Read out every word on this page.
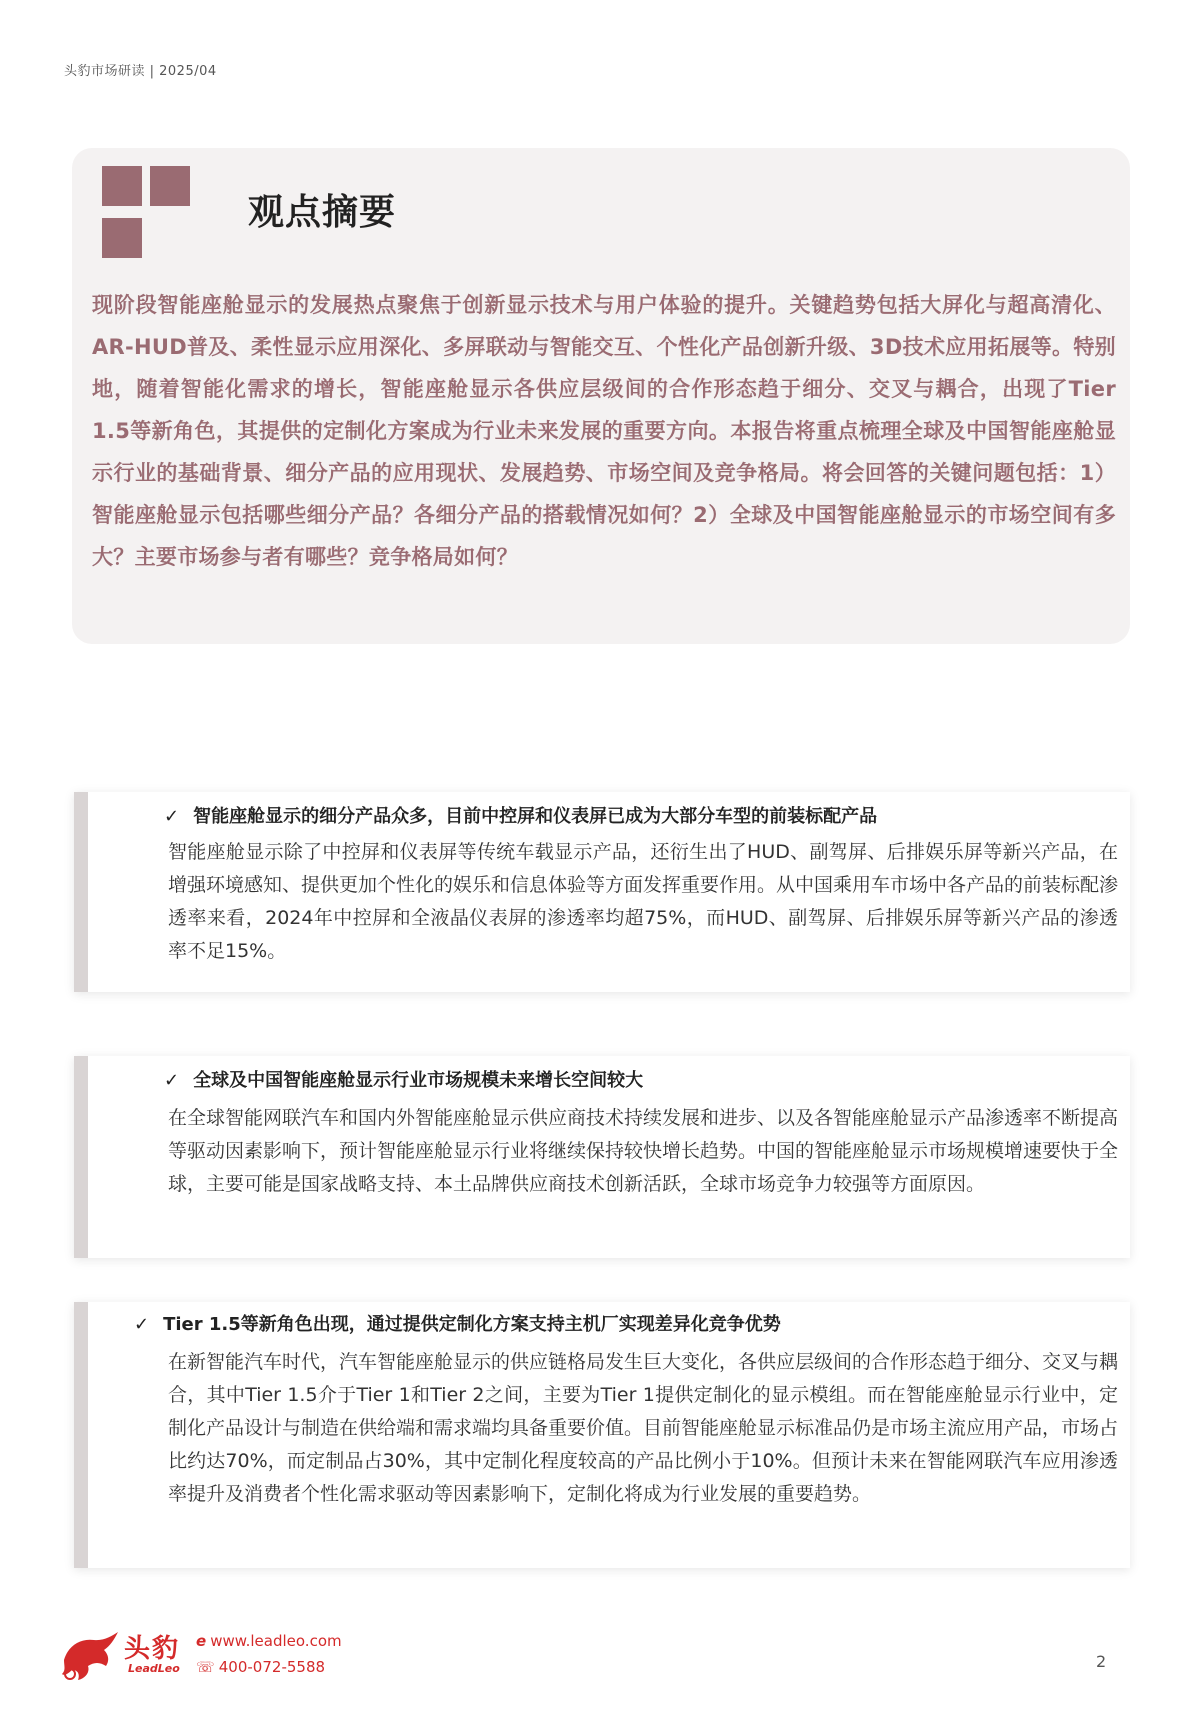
头豹市场研读 | 2025/04
观点摘要
现阶段智能座舱显示的发展热点聚焦于创新显示技术与用户体验的提升。关键趋势包括大屏化与超高清化、AR-HUD普及、柔性显示应用深化、多屏联动与智能交互、个性化产品创新升级、3D技术应用拓展等。特别地，随着智能化需求的增长，智能座舱显示各供应层级间的合作形态趋于细分、交叉与耦合，出现了Tier 1.5等新角色，其提供的定制化方案成为行业未来发展的重要方向。本报告将重点梳理全球及中国智能座舱显示行业的基础背景、细分产品的应用现状、发展趋势、市场空间及竞争格局。将会回答的关键问题包括：1）智能座舱显示包括哪些细分产品？各细分产品的搭载情况如何？2）全球及中国智能座舱显示的市场空间有多大？主要市场参与者有哪些？竞争格局如何？
✓ 智能座舱显示的细分产品众多，目前中控屏和仪表屏已成为大部分车型的前装标配产品
智能座舱显示除了中控屏和仪表屏等传统车载显示产品，还衍生出了HUD、副驾屏、后排娱乐屏等新兴产品，在增强环境感知、提供更加个性化的娱乐和信息体验等方面发挥重要作用。从中国乘用车市场中各产品的前装标配渗透率来看，2024年中控屏和全液晶仪表屏的渗透率均超75%，而HUD、副驾屏、后排娱乐屏等新兴产品的渗透率不足15%。
✓ 全球及中国智能座舱显示行业市场规模未来增长空间较大
在全球智能网联汽车和国内外智能座舱显示供应商技术持续发展和进步、以及各智能座舱显示产品渗透率不断提高等驱动因素影响下，预计智能座舱显示行业将继续保持较快增长趋势。中国的智能座舱显示市场规模增速要快于全球，主要可能是国家战略支持、本土品牌供应商技术创新活跃，全球市场竞争力较强等方面原因。
✓ Tier 1.5等新角色出现，通过提供定制化方案支持主机厂实现差异化竞争优势
在新智能汽车时代，汽车智能座舱显示的供应链格局发生巨大变化，各供应层级间的合作形态趋于细分、交叉与耦合，其中Tier 1.5介于Tier 1和Tier 2之间，主要为Tier 1提供定制化的显示模组。而在智能座舱显示行业中，定制化产品设计与制造在供给端和需求端均具备重要价值。目前智能座舱显示标准品仍是市场主流应用产品，市场占比约达70%，而定制品占30%，其中定制化程度较高的产品比例小于10%。但预计未来在智能网联汽车应用渗透率提升及消费者个性化需求驱动等因素影响下，定制化将成为行业发展的重要趋势。
头豹
LeadLeo
e www.leadleo.com
☏ 400-072-5588	2
